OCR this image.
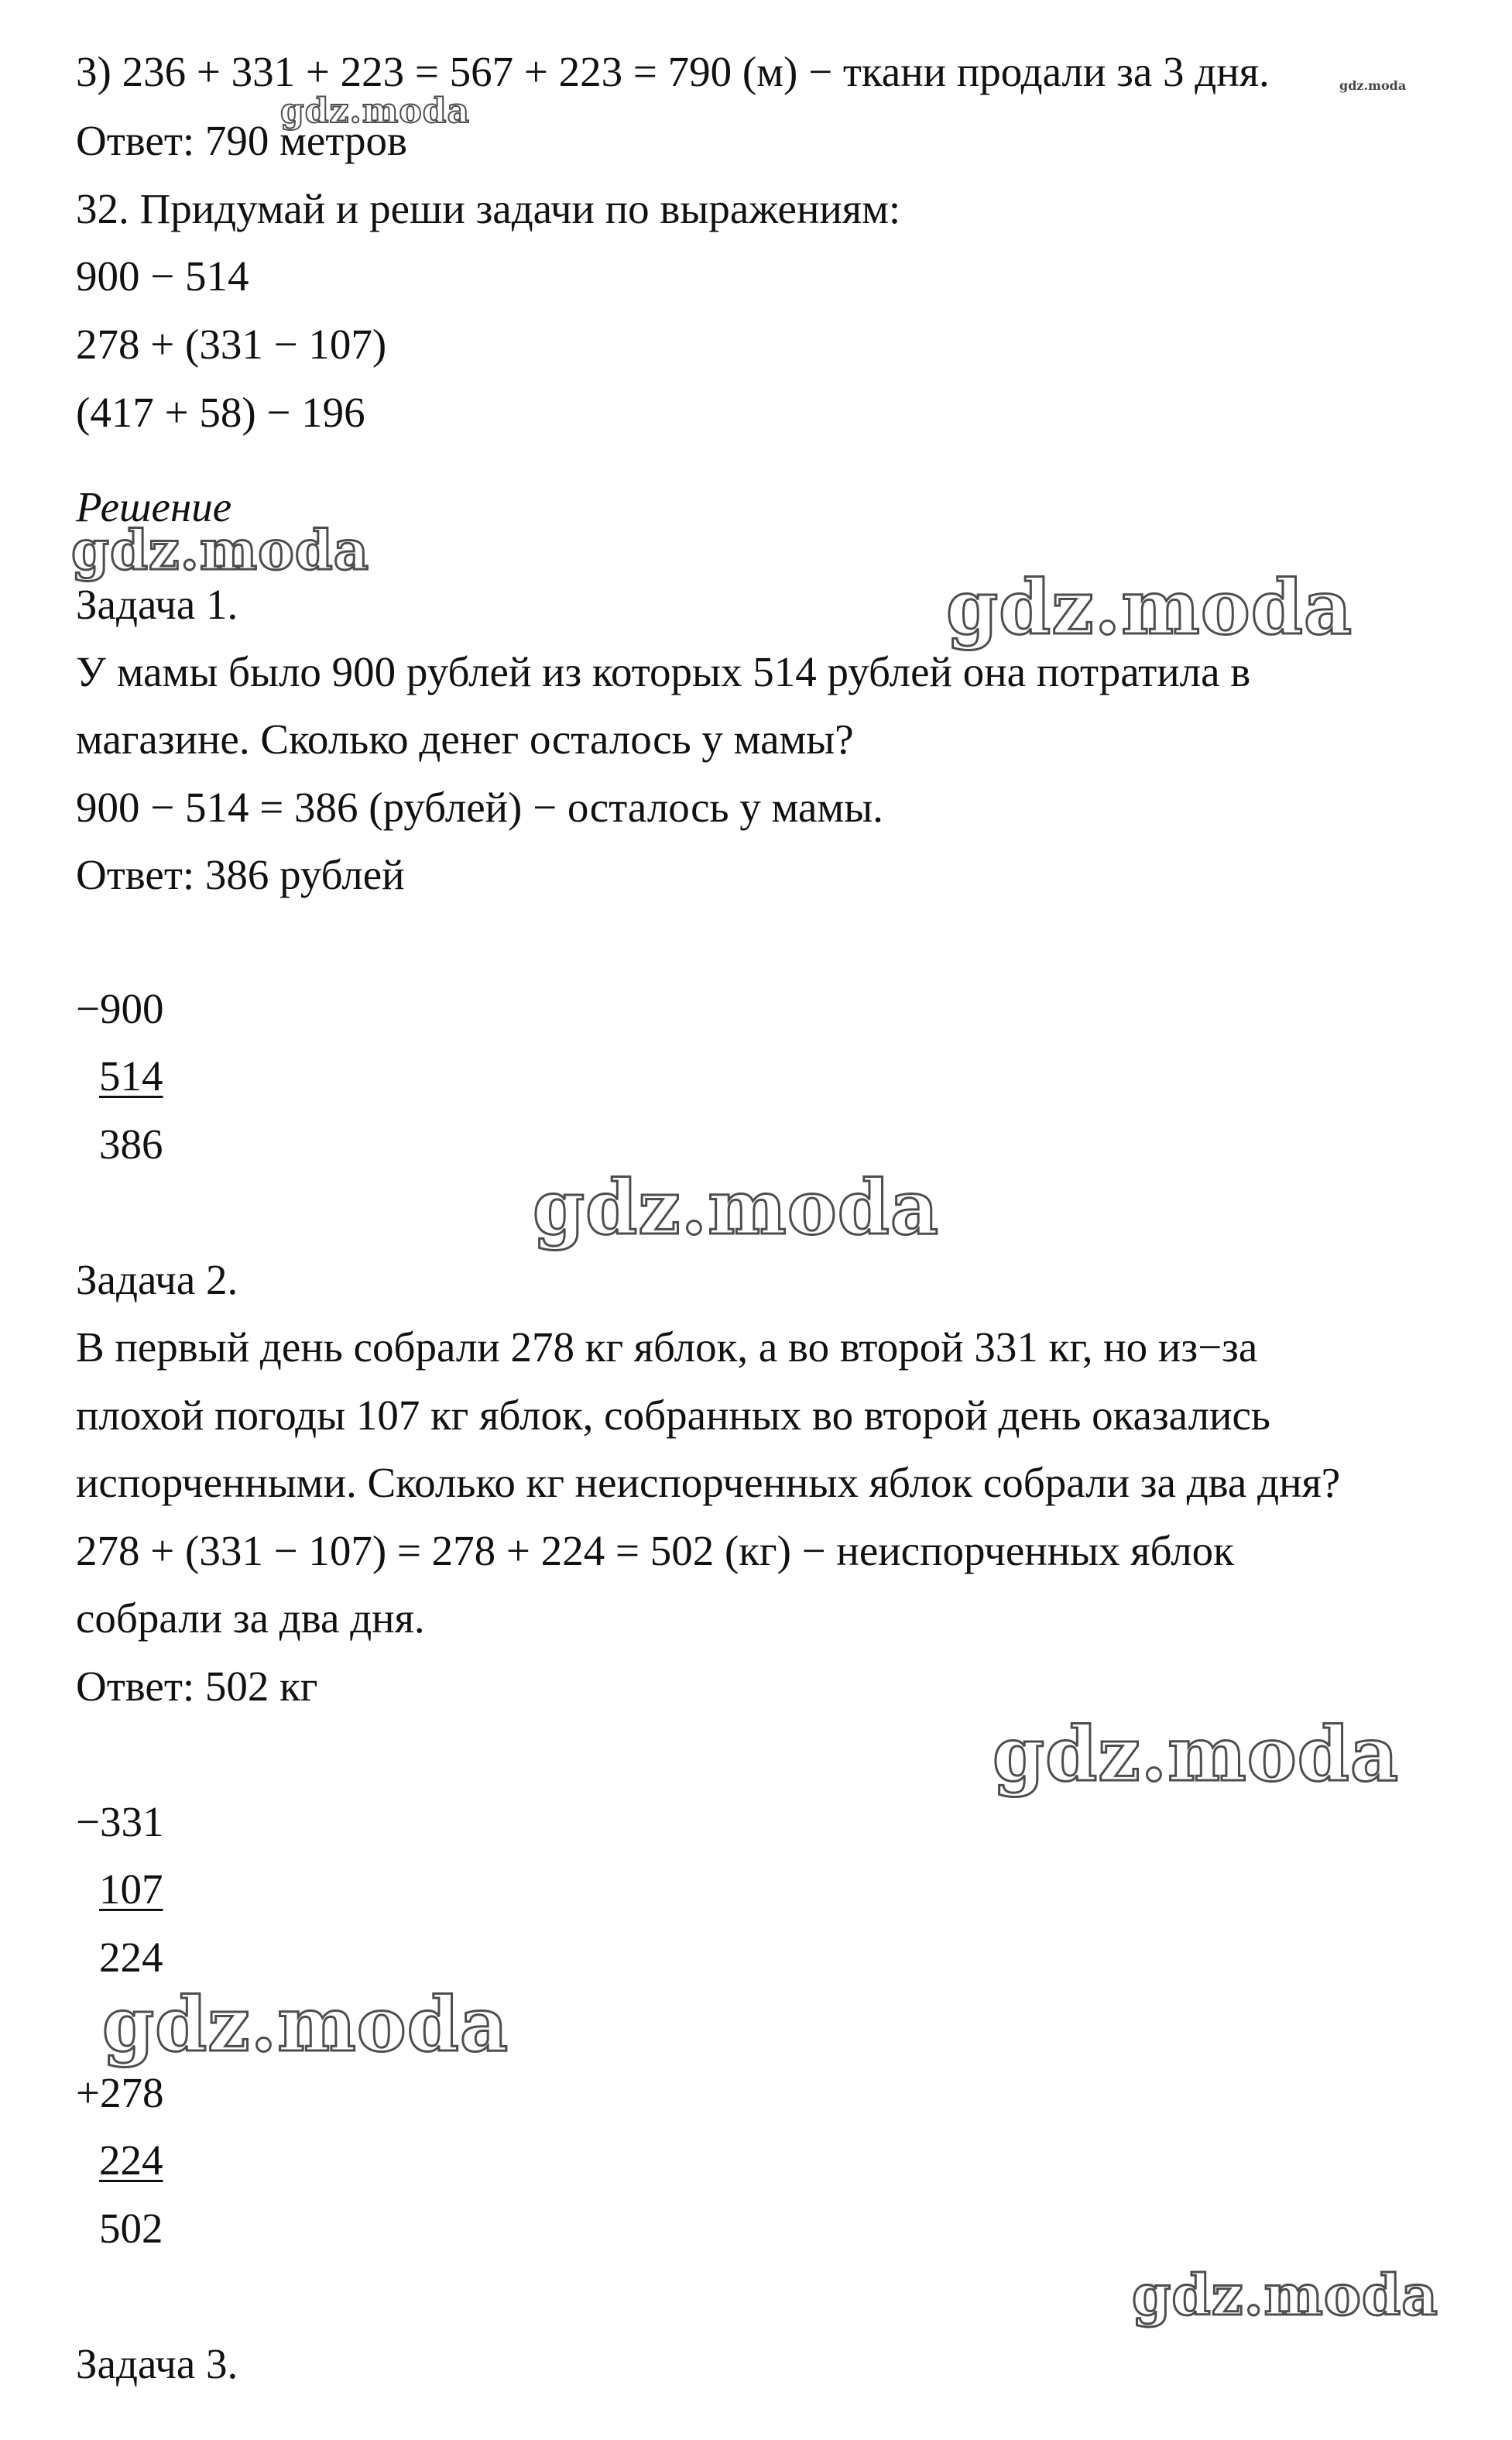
3) 236 + 331 + 223 = 567 + 223 = 790 (м) − ткани продали за 3 дня.
Ответ: 790 метров
32. Придумай и реши задачи по выражениям:
900 − 514
278 + (331 − 107)
(417 + 58) − 196
Решение
Задача 1.
У мамы было 900 рублей из которых 514 рублей она потратила в
магазине. Сколько денег осталось у мамы?
900 − 514 = 386 (рублей) − осталось у мамы.
Ответ: 386 рублей
−900
514
386
Задача 2.
В первый день собрали 278 кг яблок, а во второй 331 кг, но из−за
плохой погоды 107 кг яблок, собранных во второй день оказались
испорченными. Сколько кг неиспорченных яблок собрали за два дня?
278 + (331 − 107) = 278 + 224 = 502 (кг) − неиспорченных яблок
собрали за два дня.
Ответ: 502 кг
−331
107
224
+278
224
502
Задача 3.
gdz.moda
gdz.moda
gdz.moda
gdz.moda
gdz.moda
gdz.moda
gdz.moda
gdz.moda
